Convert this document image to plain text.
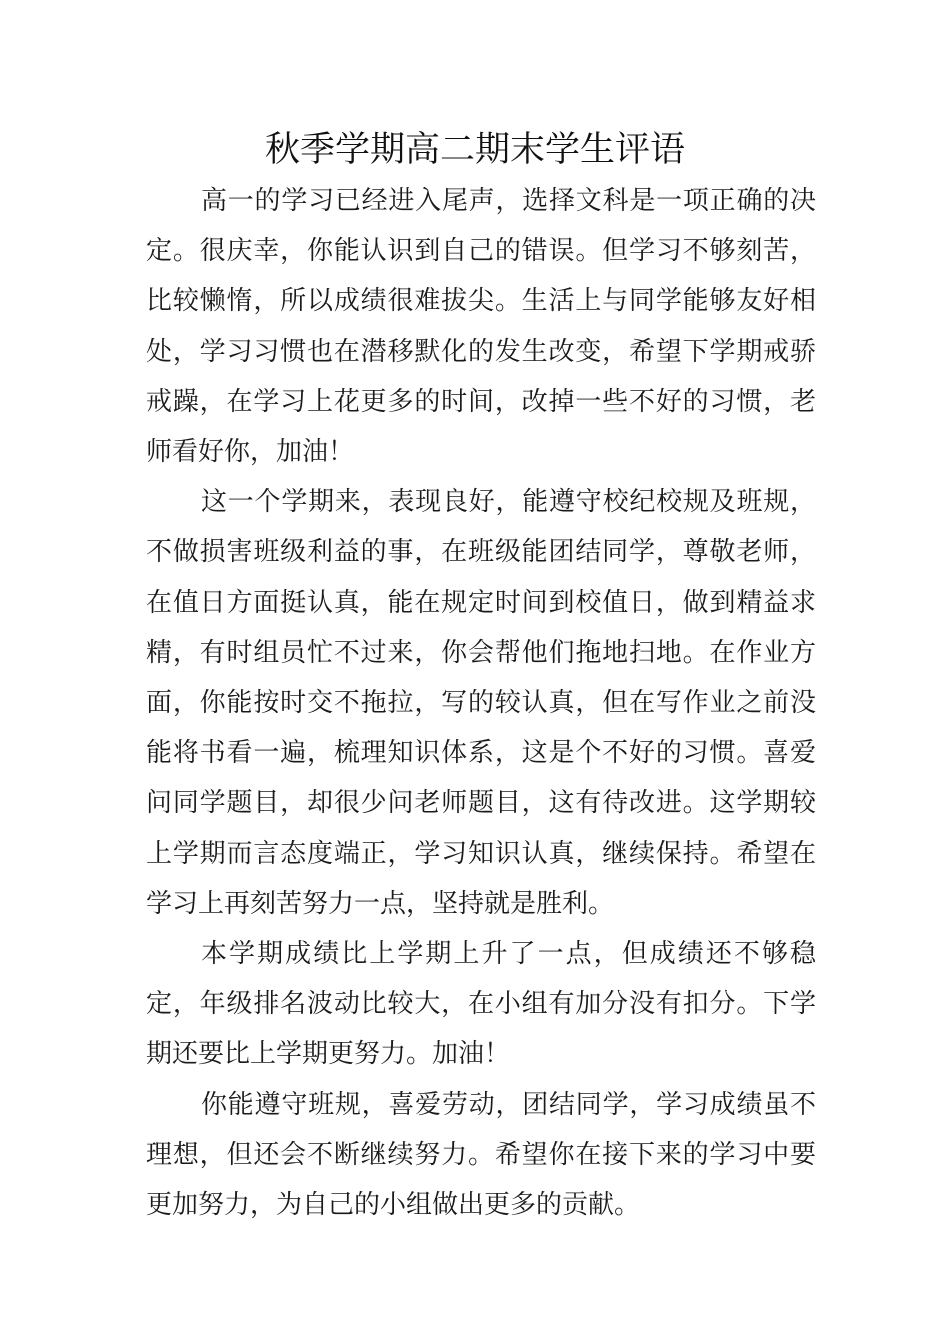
秋季学期高二期末学生评语

高一的学习已经进入尾声，选择文科是一项正确的决定。很庆幸，你能认识到自己的错误。但学习不够刻苦，比较懒惰，所以成绩很难拔尖。生活上与同学能够友好相处，学习习惯也在潜移默化的发生改变，希望下学期戒骄戒躁，在学习上花更多的时间，改掉一些不好的习惯，老师看好你，加油！

这一个学期来，表现良好，能遵守校纪校规及班规，不做损害班级利益的事，在班级能团结同学，尊敬老师，在值日方面挺认真，能在规定时间到校值日，做到精益求精，有时组员忙不过来，你会帮他们拖地扫地。在作业方面，你能按时交不拖拉，写的较认真，但在写作业之前没能将书看一遍，梳理知识体系，这是个不好的习惯。喜爱问同学题目，却很少问老师题目，这有待改进。这学期较上学期而言态度端正，学习知识认真，继续保持。希望在学习上再刻苦努力一点，坚持就是胜利。

本学期成绩比上学期上升了一点，但成绩还不够稳定，年级排名波动比较大，在小组有加分没有扣分。下学期还要比上学期更努力。加油！

你能遵守班规，喜爱劳动，团结同学，学习成绩虽不理想，但还会不断继续努力。希望你在接下来的学习中要更加努力，为自己的小组做出更多的贡献。
